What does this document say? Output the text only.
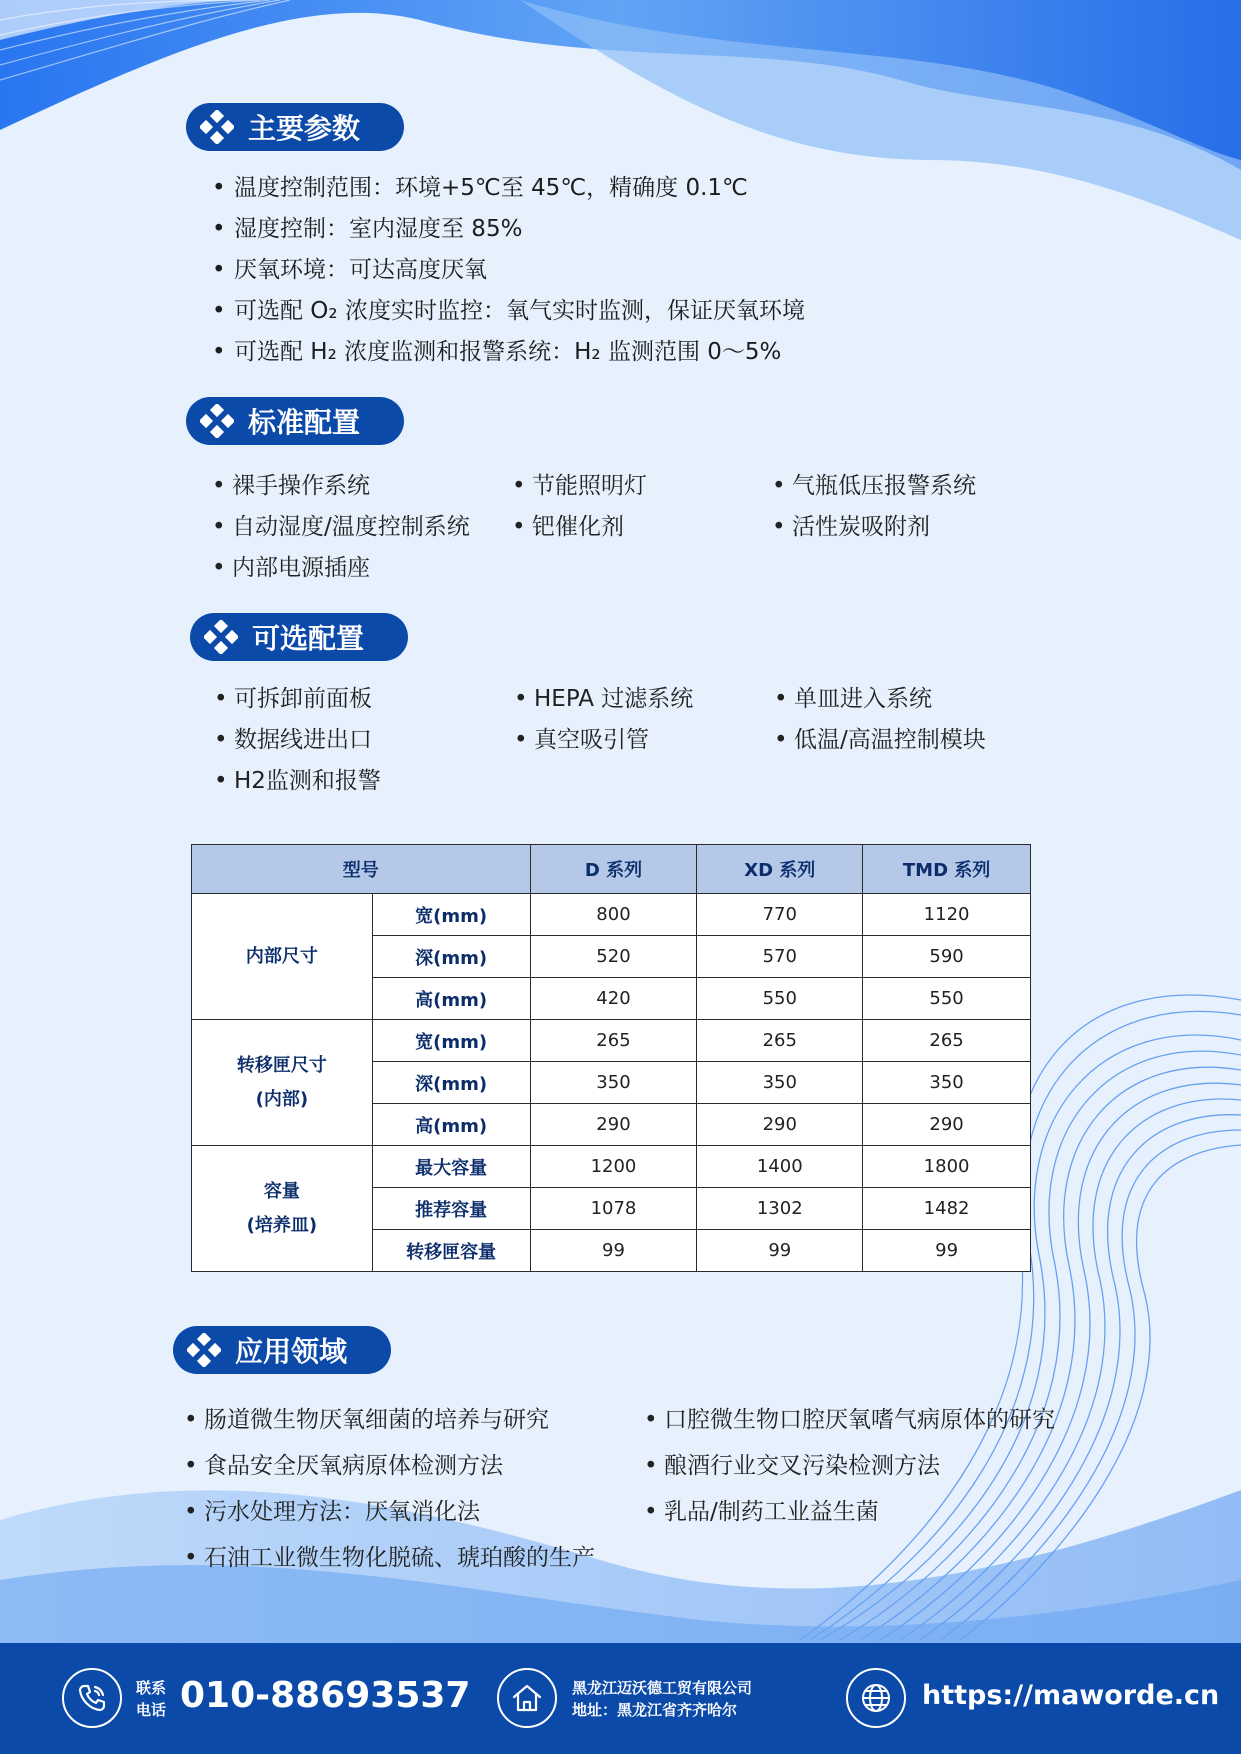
主要参数
• 温度控制范围：环境+5℃至 45℃，精确度 0.1℃
• 湿度控制：室内湿度至 85%
• 厌氧环境：可达高度厌氧
• 可选配 O₂ 浓度实时监控：氧气实时监测，保证厌氧环境
• 可选配 H₂ 浓度监测和报警系统：H₂ 监测范围 0～5%
标准配置
• 裸手操作系统	• 节能照明灯	• 气瓶低压报警系统
• 自动湿度/温度控制系统	• 钯催化剂	• 活性炭吸附剂
• 内部电源插座
可选配置
• 可拆卸前面板	• HEPA 过滤系统	• 单皿进入系统
• 数据线进出口	• 真空吸引管	• 低温/高温控制模块
• H2监测和报警
型号		D 系列	XD 系列	TMD 系列

内部尺寸	宽(mm)	800	770	1120
	深(mm)	520	570	590
	高(mm)	420	550	550

转移匣尺寸
(内部)	宽(mm)	265	265	265
	深(mm)	350	350	350
	高(mm)	290	290	290

容量
(培养皿)	最大容量	1200	1400	1800
	推荐容量	1078	1302	1482
	转移匣容量	99	99	99
应用领域
• 肠道微生物厌氧细菌的培养与研究	• 口腔微生物口腔厌氧嗜气病原体的研究
• 食品安全厌氧病原体检测方法	• 酿酒行业交叉污染检测方法
• 污水处理方法：厌氧消化法	• 乳品/制药工业益生菌
• 石油工业微生物化脱硫、琥珀酸的生产
联系
电话 010-88693537	黑龙江迈沃德工贸有限公司
地址：黑龙江省齐齐哈尔	https://maworde.cn
